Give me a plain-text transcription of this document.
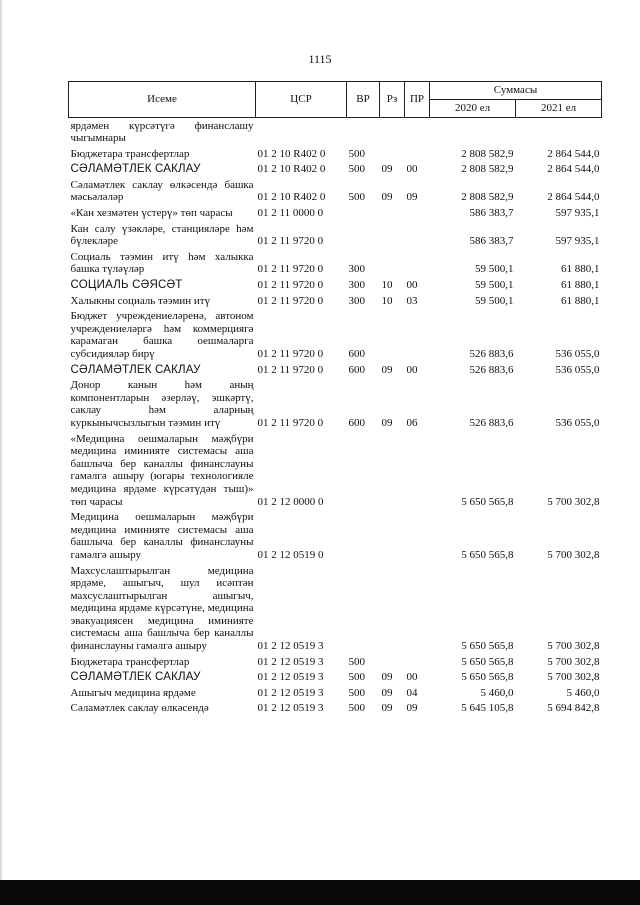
1115
Исеме	ЦСР	ВР	Рз	ПР	Суммасы	
					2020 ел	2021 ел
ярдәмен күрсәтүгә финанслашу чыгымнары						
Бюджетара трансфертлар	01 2 10 R402 0	500			2 808 582,9	2 864 544,0
СӘЛАМӘТЛЕК САКЛАУ	01 2 10 R402 0	500	09	00	2 808 582,9	2 864 544,0
Сәламәтлек саклау өлкәсендә башка мәсьәләләр	01 2 10 R402 0	500	09	09	2 808 582,9	2 864 544,0
«Кан хезмәтен үстерү» төп чарасы	01 2 11 0000 0				586 383,7	597 935,1
Кан салу үзәкләре, станцияләре һәм бүлекләре	01 2 11 9720 0				586 383,7	597 935,1
Социаль тәэмин итү һәм халыкка башка түләүләр	01 2 11 9720 0	300			59 500,1	61 880,1
СОЦИАЛЬ СӘЯСӘТ	01 2 11 9720 0	300	10	00	59 500,1	61 880,1
Халыкны социаль тәэмин итү	01 2 11 9720 0	300	10	03	59 500,1	61 880,1
Бюджет учреждениеләренә, автоном учреждениеләргә һәм коммерциягә карамаган башка оешмаларга субсидияләр бирү	01 2 11 9720 0	600			526 883,6	536 055,0
СӘЛАМӘТЛЕК САКЛАУ	01 2 11 9720 0	600	09	00	526 883,6	536 055,0
Донор канын һәм аның компонентларын әзерләү, эшкәртү, саклау һәм аларның куркынычсызлыгын тәэмин итү	01 2 11 9720 0	600	09	06	526 883,6	536 055,0
«Медицина оешмаларын мәҗбүри медицина иминияте системасы аша башлыча бер каналлы финанслауны гамәлгә ашыру (югары технологияле медицина ярдәме күрсәтүдән тыш)» төп чарасы	01 2 12 0000 0				5 650 565,8	5 700 302,8
Медицина оешмаларын мәҗбүри медицина иминияте системасы аша башлыча бер каналлы финанслауны гамәлгә ашыру	01 2 12 0519 0				5 650 565,8	5 700 302,8
Махсуслаштырылган медицина ярдәме, ашыгыч, шул исәптән махсуслаштырылган ашыгыч, медицина ярдәме күрсәтүне, медицина эвакуациясен медицина иминияте системасы аша башлыча бер каналлы финанслауны гамәлгә ашыру	01 2 12 0519 3				5 650 565,8	5 700 302,8
Бюджетара трансфертлар	01 2 12 0519 3	500			5 650 565,8	5 700 302,8
СӘЛАМӘТЛЕК САКЛАУ	01 2 12 0519 3	500	09	00	5 650 565,8	5 700 302,8
Ашыгыч медицина ярдәме	01 2 12 0519 3	500	09	04	5 460,0	5 460,0
Сәламәтлек саклау өлкәсендә	01 2 12 0519 3	500	09	09	5 645 105,8	5 694 842,8
